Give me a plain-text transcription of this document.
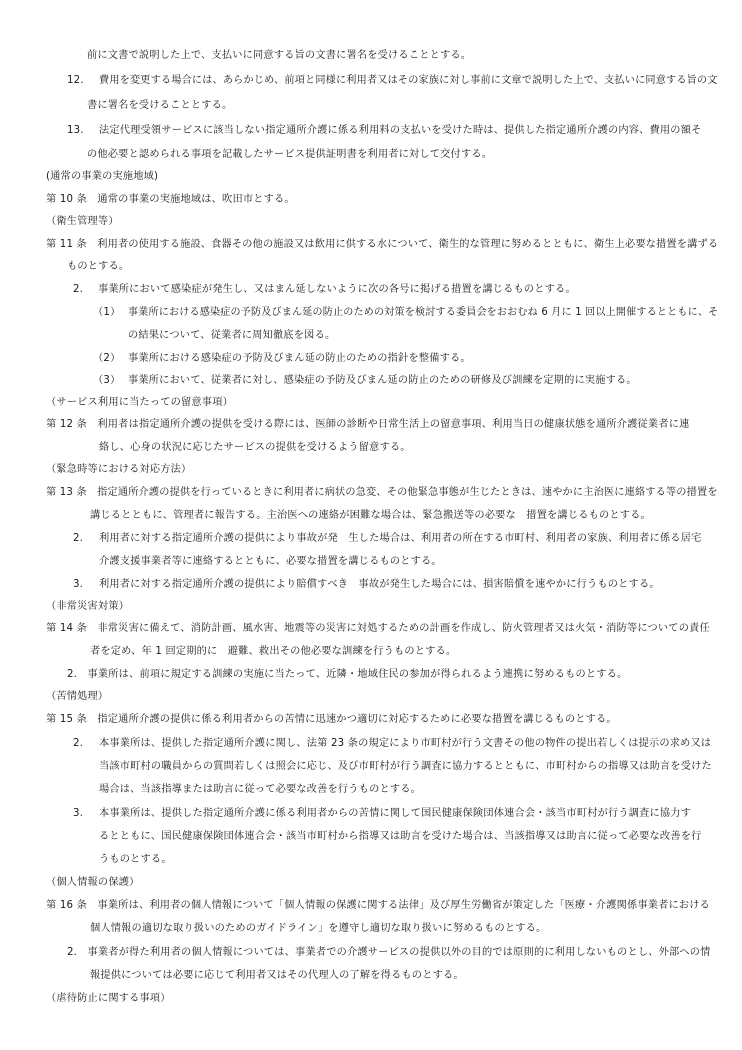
前に文書で説明した上で、支払いに同意する旨の文書に署名を受けることとする。
12. 費用を変更する場合には、あらかじめ、前項と同様に利用者又はその家族に対し事前に文章で説明した上で、支払いに同意する旨の文
書に署名を受けることとする。
13. 法定代理受領サービスに該当しない指定通所介護に係る利用料の支払いを受けた時は、提供した指定通所介護の内容、費用の額そ
の他必要と認められる事項を記載したサービス提供証明書を利用者に対して交付する。
(通常の事業の実施地域)
第 10 条　通常の事業の実施地域は、吹田市とする。
（衛生管理等）
第 11 条　利用者の使用する施設、食器その他の施設又は飲用に供する水について、衛生的な管理に努めるとともに、衛生上必要な措置を講ずる
ものとする。
2. 事業所において感染症が発生し、又はまん延しないように次の各号に掲げる措置を講じるものとする。
（1） 事業所における感染症の予防及びまん延の防止のための対策を検討する委員会をおおむね 6 月に 1 回以上開催するとともに、そ
の結果について、従業者に周知徹底を図る。
（2） 事業所における感染症の予防及びまん延の防止のための指針を整備する。
（3） 事業所において、従業者に対し、感染症の予防及びまん延の防止のための研修及び訓練を定期的に実施する。
（サービス利用に当たっての留意事項）
第 12 条　利用者は指定通所介護の提供を受ける際には、医師の診断や日常生活上の留意事項、利用当日の健康状態を通所介護従業者に連
絡し、心身の状況に応じたサービスの提供を受けるよう留意する。
（緊急時等における対応方法）
第 13 条　指定通所介護の提供を行っているときに利用者に病状の急変、その他緊急事態が生じたときは、速やかに主治医に連絡する等の措置を
講じるとともに、管理者に報告する。主治医への連絡が困難な場合は、緊急搬送等の必要な　措置を講じるものとする。
2. 利用者に対する指定通所介護の提供により事故が発　生した場合は、利用者の所在する市町村、利用者の家族、利用者に係る居宅
介護支援事業者等に連絡するとともに、必要な措置を講じるものとする。
3. 利用者に対する指定通所介護の提供により賠償すべき　事故が発生した場合には、損害賠償を速やかに行うものとする。
（非常災害対策）
第 14 条　非常災害に備えて、消防計画、風水害、地震等の災害に対処するための計画を作成し、防火管理者又は火気・消防等についての責任
者を定め、年 1 回定期的に　避難、救出その他必要な訓練を行うものとする。
2.　事業所は、前項に規定する訓練の実施に当たって、近隣・地域住民の参加が得られるよう連携に努めるものとする。
（苦情処理）
第 15 条　指定通所介護の提供に係る利用者からの苦情に迅速かつ適切に対応するために必要な措置を講じるものとする。
2. 本事業所は、提供した指定通所介護に関し、法第 23 条の規定により市町村が行う文書その他の物件の提出若しくは提示の求め又は
当該市町村の職員からの質問若しくは照会に応じ、及び市町村が行う調査に協力するとともに、市町村からの指導又は助言を受けた
場合は、当該指導または助言に従って必要な改善を行うものとする。
3. 本事業所は、提供した指定通所介護に係る利用者からの苦情に関して国民健康保険団体連合会・該当市町村が行う調査に協力す
るとともに、国民健康保険団体連合会・該当市町村から指導又は助言を受けた場合は、当該指導又は助言に従って必要な改善を行
うものとする。
（個人情報の保護）
第 16 条　事業所は、利用者の個人情報について「個人情報の保護に関する法律」及び厚生労働省が策定した「医療・介護関係事業者における
個人情報の適切な取り扱いのためのガイドライン」を遵守し適切な取り扱いに努めるものとする。
2.　事業者が得た利用者の個人情報については、事業者での介護サービスの提供以外の目的では原則的に利用しないものとし、外部への情
報提供については必要に応じて利用者又はその代理人の了解を得るものとする。
（虐待防止に関する事項）
